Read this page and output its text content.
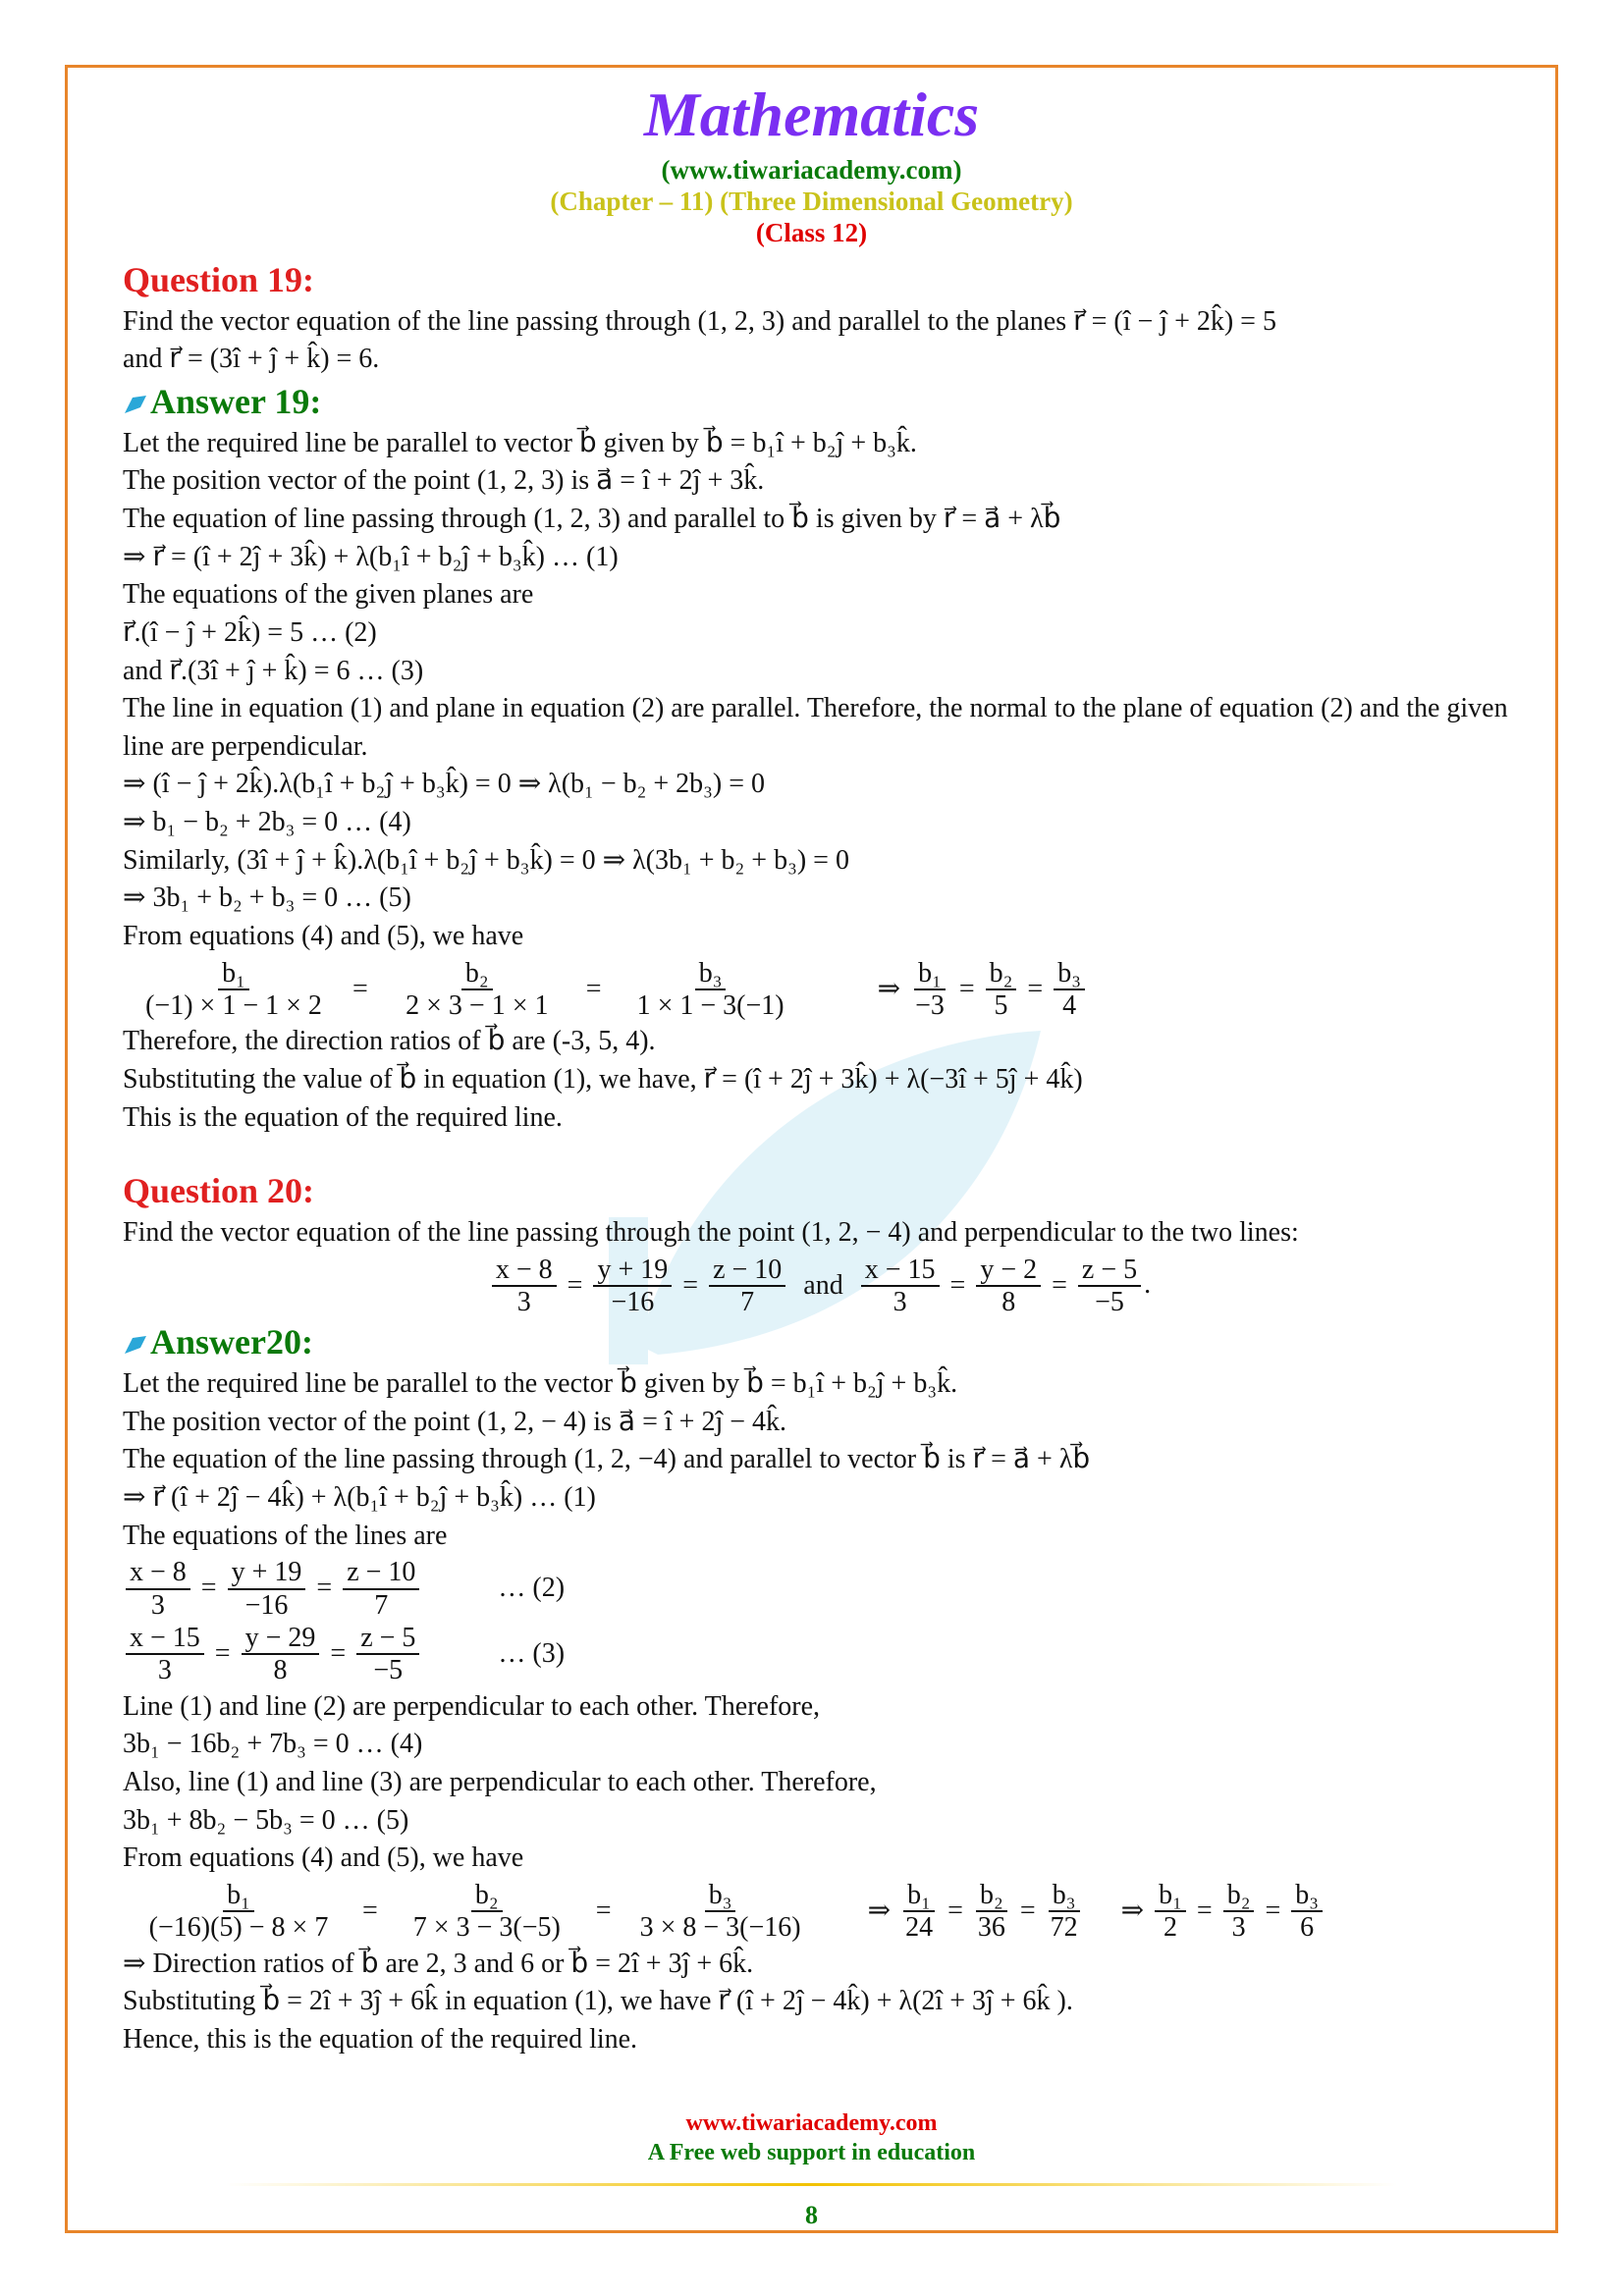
Mathematics
(www.tiwariacademy.com)
(Chapter – 11) (Three Dimensional Geometry)
(Class 12)
Question 19:
Find the vector equation of the line passing through (1, 2, 3) and parallel to the planes r⃗ = (î − ĵ + 2k̂) = 5
and r⃗ = (3î + ĵ + k̂) = 6.
Answer 19:
Let the required line be parallel to vector b⃗ given by b⃗ = b₁î + b₂ĵ + b₃k̂.
The position vector of the point (1, 2, 3) is a⃗ = î + 2ĵ + 3k̂.
The equation of line passing through (1, 2, 3) and parallel to b⃗ is given by r⃗ = a⃗ + λb⃗
⇒ r⃗ = (î + 2ĵ + 3k̂) + λ(b₁î + b₂ĵ + b₃k̂) … (1)
The equations of the given planes are
r⃗.(î − ĵ + 2k̂) = 5 … (2)
and r⃗.(3î + ĵ + k̂) = 6 … (3)
The line in equation (1) and plane in equation (2) are parallel. Therefore, the normal to the plane of equation (2) and the given line are perpendicular.
⇒ (î − ĵ + 2k̂).λ(b₁î + b₂ĵ + b₃k̂) = 0 ⇒ λ(b₁ − b₂ + 2b₃) = 0
⇒ b₁ − b₂ + 2b₃ = 0 … (4)
Similarly, (3î + ĵ + k̂).λ(b₁î + b₂ĵ + b₃k̂) = 0 ⇒ λ(3b₁ + b₂ + b₃) = 0
⇒ 3b₁ + b₂ + b₃ = 0 … (5)
From equations (4) and (5), we have
$\frac{\text{b₁}}{(-1) \times 1 - 1 \times 2} = \frac{\text{b₂}}{2 \times 3 - 1 \times 1} = \frac{\text{b₃}}{1 \times 1 - 3(-1)}$	⇒ $\frac{\text{b₁}}{-3} = \frac{\text{b₂}}{5} = \frac{\text{b₃}}{4}$
Therefore, the direction ratios of b⃗ are (-3, 5, 4).
Substituting the value of b⃗ in equation (1), we have, r⃗ = (î + 2ĵ + 3k̂) + λ(−3î + 5ĵ + 4k̂)
This is the equation of the required line.
Question 20:
Find the vector equation of the line passing through the point (1, 2, − 4) and perpendicular to the two lines:
$\frac{x - 8}{3} = \frac{y + 19}{-16} = \frac{z - 10}{7}$ and $\frac{x - 15}{3} = \frac{y - 2}{8} = \frac{z - 5}{-5}$ .
Answer20:
Let the required line be parallel to the vector b⃗ given by b⃗ = b₁î + b₂ĵ + b₃k̂.
The position vector of the point (1, 2, − 4) is a⃗ = î + 2ĵ − 4k̂.
The equation of the line passing through (1, 2, −4) and parallel to vector b⃗ is r⃗ = a⃗ + λb⃗
⇒ r⃗ (î + 2ĵ − 4k̂) + λ(b₁î + b₂ĵ + b₃k̂) … (1)
The equations of the lines are
$\frac{x - 8}{3} = \frac{y + 19}{-16} = \frac{z - 10}{7}$	… (2)
$\frac{x - 15}{3} = \frac{y - 29}{8} = \frac{z - 5}{-5}$	… (3)
Line (1) and line (2) are perpendicular to each other. Therefore,
3b₁ − 16b₂ + 7b₃ = 0 … (4)
Also, line (1) and line (3) are perpendicular to each other. Therefore,
3b₁ + 8b₂ − 5b₃ = 0 … (5)
From equations (4) and (5), we have
$\frac{\text{b₁}}{(-16)(5) - 8 \times 7} = \frac{\text{b₂}}{7 \times 3 - 3(-5)} = \frac{\text{b₃}}{3 \times 8 - 3(-16)}$ ⇒ $\frac{\text{b₁}}{24} = \frac{\text{b₂}}{36} = \frac{\text{b₃}}{72}$ ⇒ $\frac{\text{b₁}}{2} = \frac{\text{b₂}}{3} = \frac{\text{b₃}}{6}$
⇒ Direction ratios of b⃗ are 2, 3 and 6 or b⃗ = 2î + 3ĵ + 6k̂.
Substituting b⃗ = 2î + 3ĵ + 6k̂ in equation (1), we have r⃗ (î + 2ĵ − 4k̂) + λ(2î + 3ĵ + 6k̂ ).
Hence, this is the equation of the required line.
www.tiwariacademy.com
A Free web support in education
8
